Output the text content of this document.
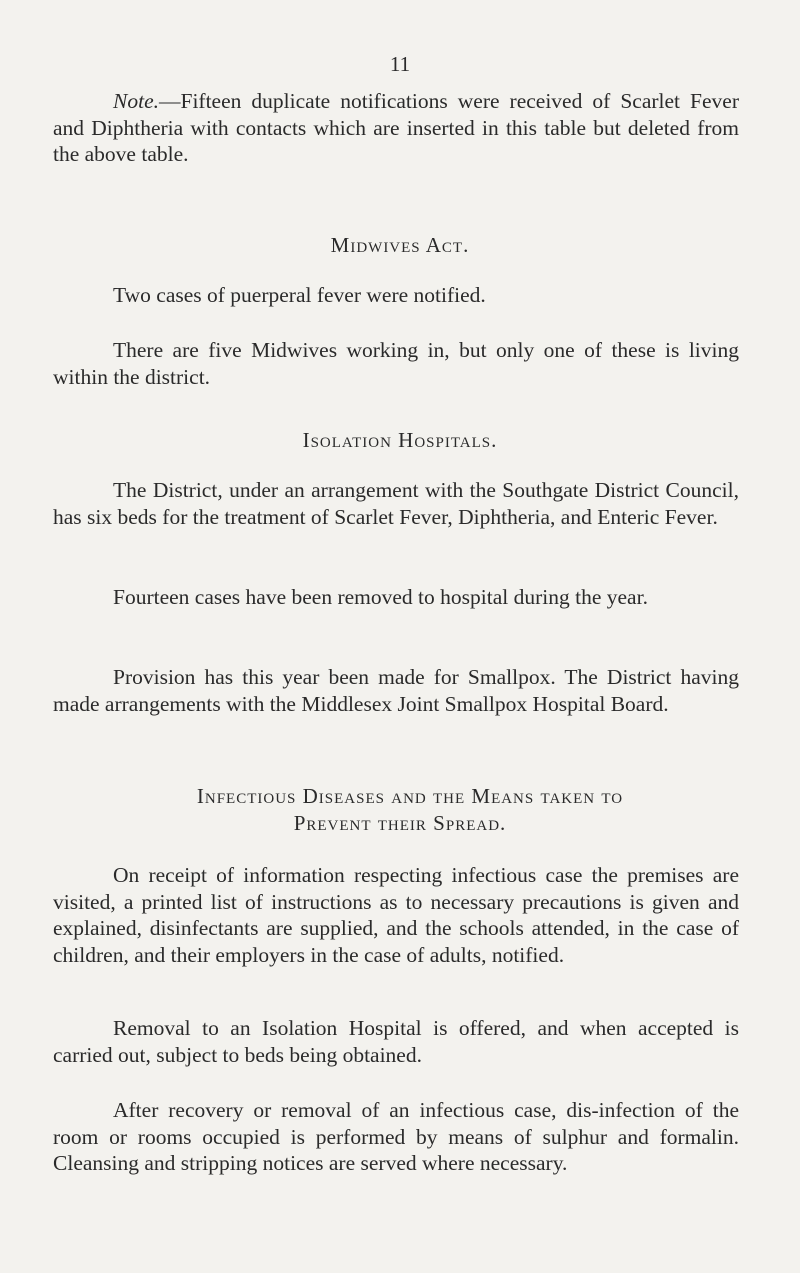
11
Note.—Fifteen duplicate notifications were received of Scarlet Fever and Diphtheria with contacts which are inserted in this table but deleted from the above table.
Midwives Act.
Two cases of puerperal fever were notified.
There are five Midwives working in, but only one of these is living within the district.
Isolation Hospitals.
The District, under an arrangement with the Southgate District Council, has six beds for the treatment of Scarlet Fever, Diphtheria, and Enteric Fever.
Fourteen cases have been removed to hospital during the year.
Provision has this year been made for Smallpox. The District having made arrangements with the Middlesex Joint Smallpox Hospital Board.
Infectious Diseases and the Means taken to
Prevent their Spread.
On receipt of information respecting infectious case the premises are visited, a printed list of instructions as to necessary precautions is given and explained, disinfectants are supplied, and the schools attended, in the case of children, and their employers in the case of adults, notified.
Removal to an Isolation Hospital is offered, and when accepted is carried out, subject to beds being obtained.
After recovery or removal of an infectious case, dis-infection of the room or rooms occupied is performed by means of sulphur and formalin. Cleansing and stripping notices are served where necessary.
